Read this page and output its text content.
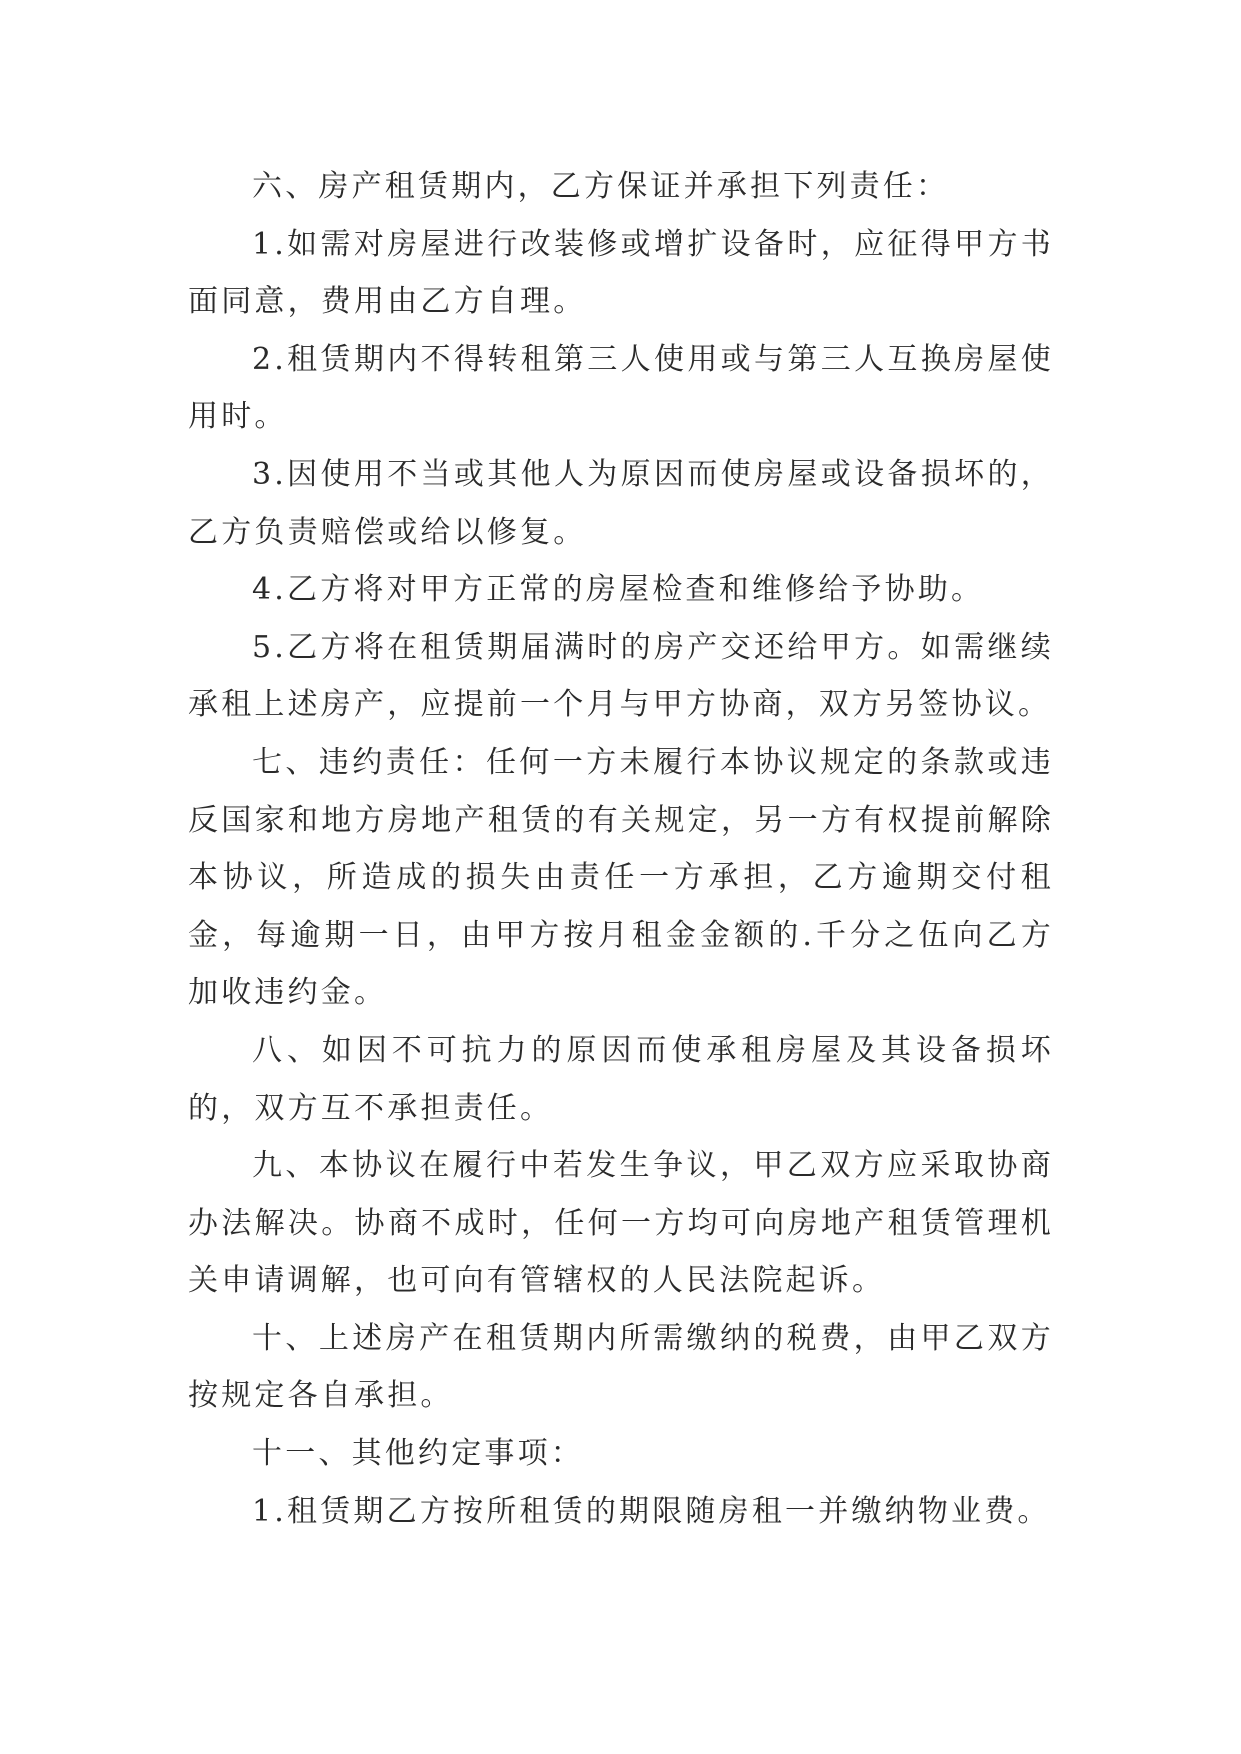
六、房产租赁期内，乙方保证并承担下列责任：

1.如需对房屋进行改装修或增扩设备时，应征得甲方书面同意，费用由乙方自理。

2.租赁期内不得转租第三人使用或与第三人互换房屋使用时。

3.因使用不当或其他人为原因而使房屋或设备损坏的，乙方负责赔偿或给以修复。

4.乙方将对甲方正常的房屋检查和维修给予协助。

5.乙方将在租赁期届满时的房产交还给甲方。如需继续承租上述房产，应提前一个月与甲方协商，双方另签协议。

七、违约责任：任何一方未履行本协议规定的条款或违反国家和地方房地产租赁的有关规定，另一方有权提前解除本协议，所造成的损失由责任一方承担，乙方逾期交付租金，每逾期一日，由甲方按月租金金额的.千分之伍向乙方加收违约金。

八、如因不可抗力的原因而使承租房屋及其设备损坏的，双方互不承担责任。

九、本协议在履行中若发生争议，甲乙双方应采取协商办法解决。协商不成时，任何一方均可向房地产租赁管理机关申请调解，也可向有管辖权的人民法院起诉。

十、上述房产在租赁期内所需缴纳的税费，由甲乙双方按规定各自承担。

十一、其他约定事项：

1.租赁期乙方按所租赁的期限随房租一并缴纳物业费。
